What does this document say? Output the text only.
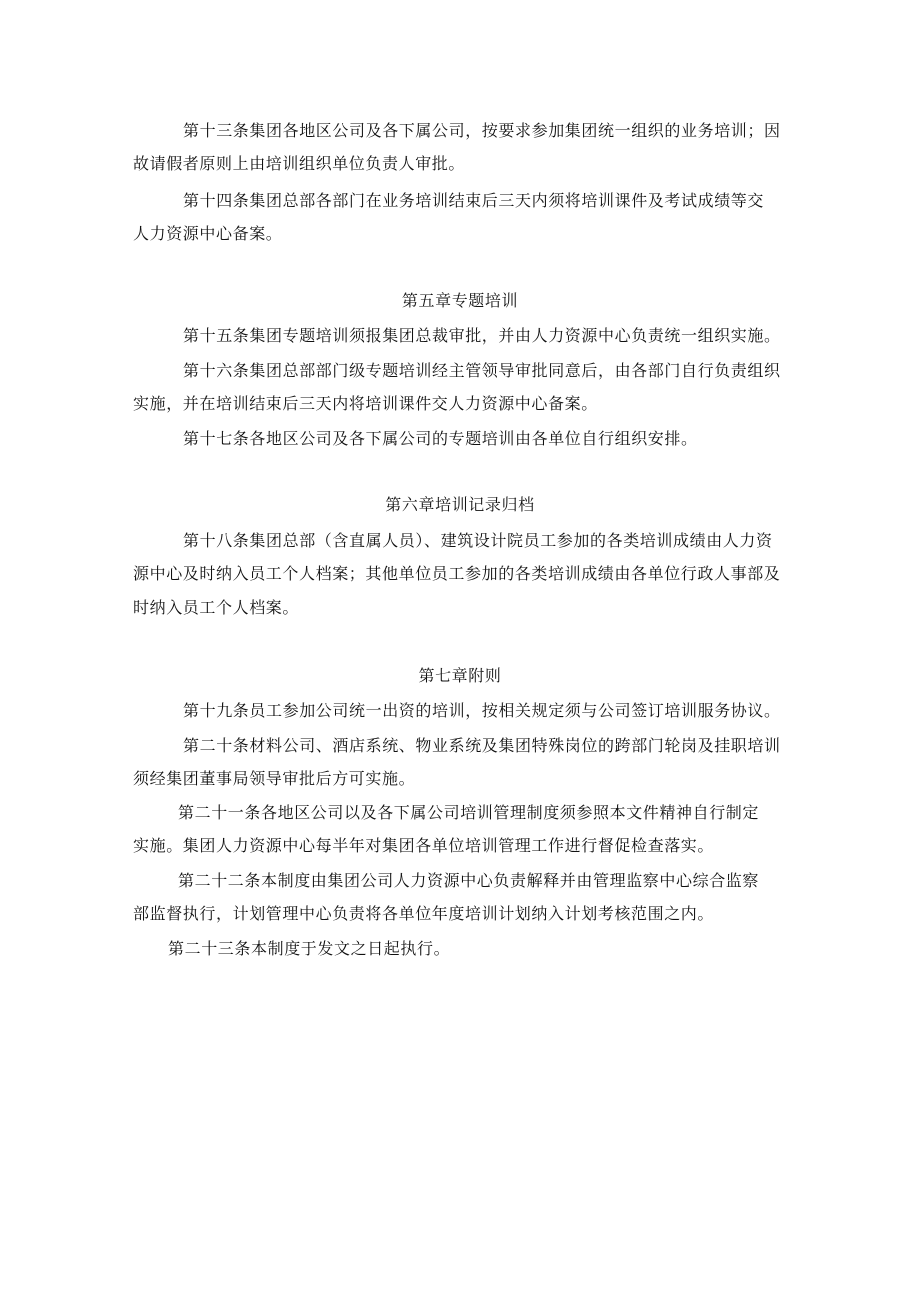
第十三条集团各地区公司及各下属公司，按要求参加集团统一组织的业务培训；因
故请假者原则上由培训组织单位负责人审批。
第十四条集团总部各部门在业务培训结束后三天内须将培训课件及考试成绩等交
人力资源中心备案。
第五章专题培训
第十五条集团专题培训须报集团总裁审批，并由人力资源中心负责统一组织实施。
第十六条集团总部部门级专题培训经主管领导审批同意后，由各部门自行负责组织
实施，并在培训结束后三天内将培训课件交人力资源中心备案。
第十七条各地区公司及各下属公司的专题培训由各单位自行组织安排。
第六章培训记录归档
第十八条集团总部（含直属人员）、建筑设计院员工参加的各类培训成绩由人力资
源中心及时纳入员工个人档案；其他单位员工参加的各类培训成绩由各单位行政人事部及
时纳入员工个人档案。
第七章附则
第十九条员工参加公司统一出资的培训，按相关规定须与公司签订培训服务协议。
第二十条材料公司、酒店系统、物业系统及集团特殊岗位的跨部门轮岗及挂职培训
须经集团董事局领导审批后方可实施。
第二十一条各地区公司以及各下属公司培训管理制度须参照本文件精神自行制定
实施。集团人力资源中心每半年对集团各单位培训管理工作进行督促检查落实。
第二十二条本制度由集团公司人力资源中心负责解释并由管理监察中心综合监察
部监督执行，计划管理中心负责将各单位年度培训计划纳入计划考核范围之内。
第二十三条本制度于发文之日起执行。
